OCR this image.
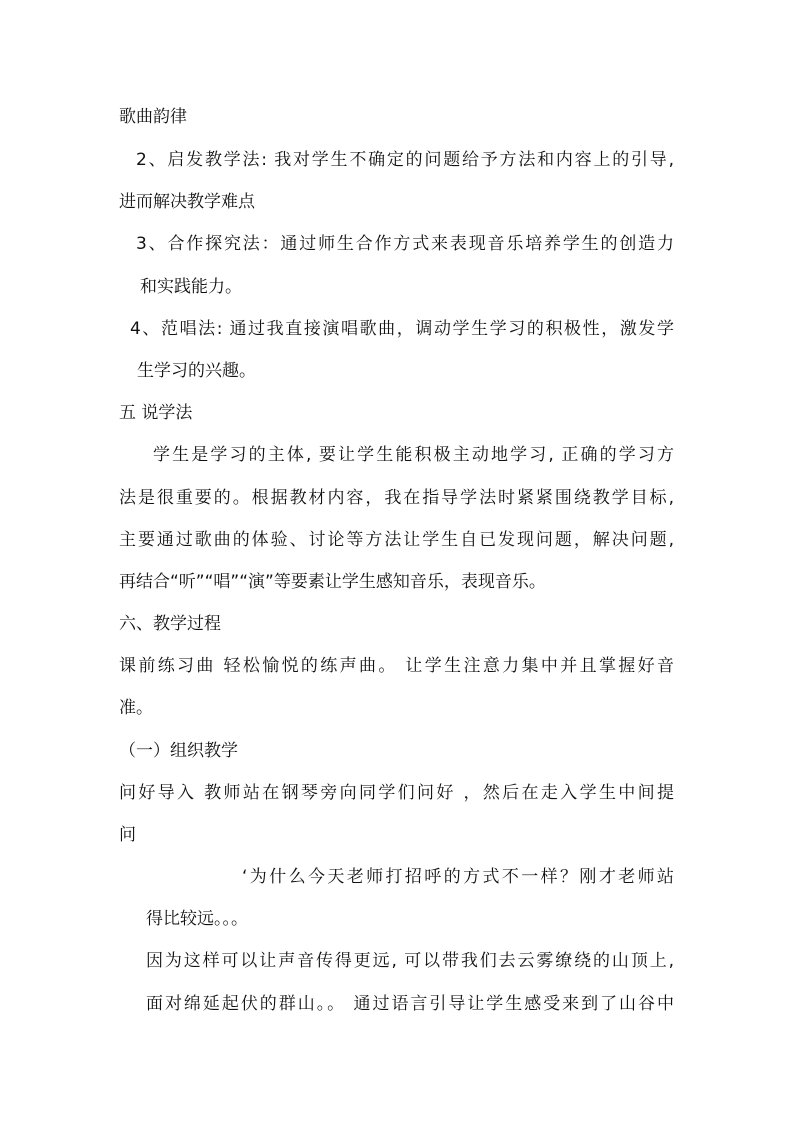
歌曲韵律
2、启发教学法: 我对学生不确定的问题给予方法和内容上的引导,
进而解决教学难点
3、合作探究法：通过师生合作方式来表现音乐培养学生的创造力
和实践能力。
4、范唱法: 通过我直接演唱歌曲，调动学生学习的积极性，激发学
生学习的兴趣。
五 说学法
学生是学习的主体, 要让学生能积极主动地学习, 正确的学习方
法是很重要的。根据教材内容，我在指导学法时紧紧围绕教学目标,
主要通过歌曲的体验、讨论等方法让学生自已发现问题，解决问题,
再结合“听”“唱”“演”等要素让学生感知音乐，表现音乐。
六、教学过程
课前练习曲 轻松愉悦的练声曲。 让学生注意力集中并且掌握好音
准。
（一）组织教学
问好导入 教师站在钢琴旁向同学们问好 ，然后在走入学生中间提
问
‘为什么今天老师打招呼的方式不一样？刚才老师站
得比较远。。。
因为这样可以让声音传得更远, 可以带我们去云雾缭绕的山顶上,
面对绵延起伏的群山。。 通过语言引导让学生感受来到了山谷中
